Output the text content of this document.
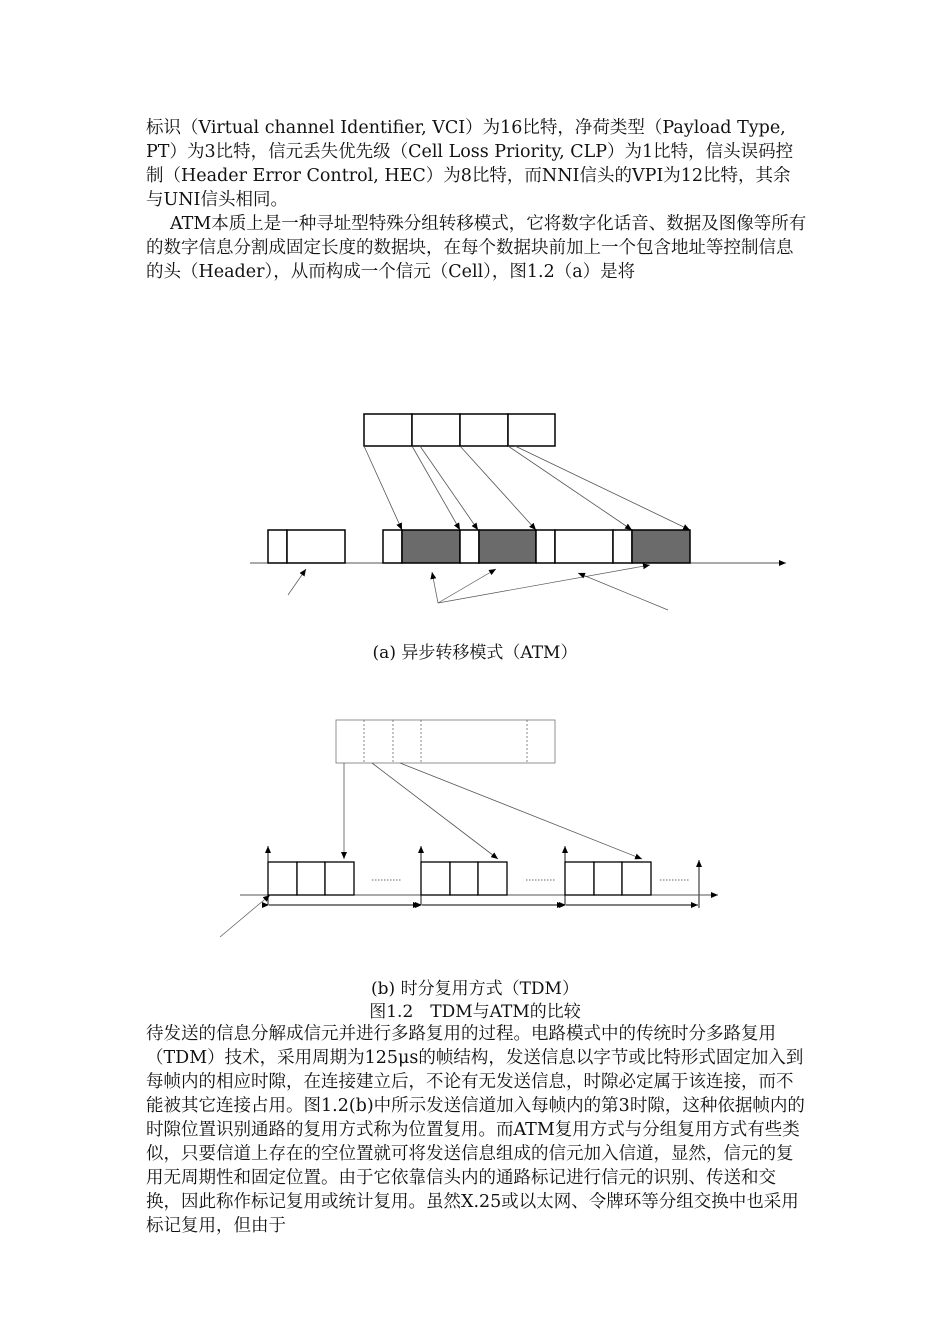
标识（Virtual channel Identifier, VCI）为16比特，净荷类型（Payload Type, PT）为3比特，信元丢失优先级（Cell Loss Priority, CLP）为1比特，信头误码控制（Header Error Control, HEC）为8比特，而NNI信头的VPI为12比特，其余与UNI信头相同。

ATM本质上是一种寻址型特殊分组转移模式，它将数字化话音、数据及图像等所有的数字信息分割成固定长度的数据块，在每个数据块前加上一个包含地址等控制信息的头（Header），从而构成一个信元（Cell），图1.2（a）是将

(a) 异步转移模式（ATM）
(b) 时分复用方式（TDM）
图1.2　TDM与ATM的比较

待发送的信息分解成信元并进行多路复用的过程。电路模式中的传统时分多路复用（TDM）技术，采用周期为125μs的帧结构，发送信息以字节或比特形式固定加入到每帧内的相应时隙，在连接建立后，不论有无发送信息，时隙必定属于该连接，而不能被其它连接占用。图1.2(b)中所示发送信道加入每帧内的第3时隙，这种依据帧内的时隙位置识别通路的复用方式称为位置复用。而ATM复用方式与分组复用方式有些类似，只要信道上存在的空位置就可将发送信息组成的信元加入信道，显然，信元的复用无周期性和固定位置。由于它依靠信头内的通路标记进行信元的识别、传送和交换，因此称作标记复用或统计复用。虽然X.25或以太网、令牌环等分组交换中也采用标记复用，但由于
